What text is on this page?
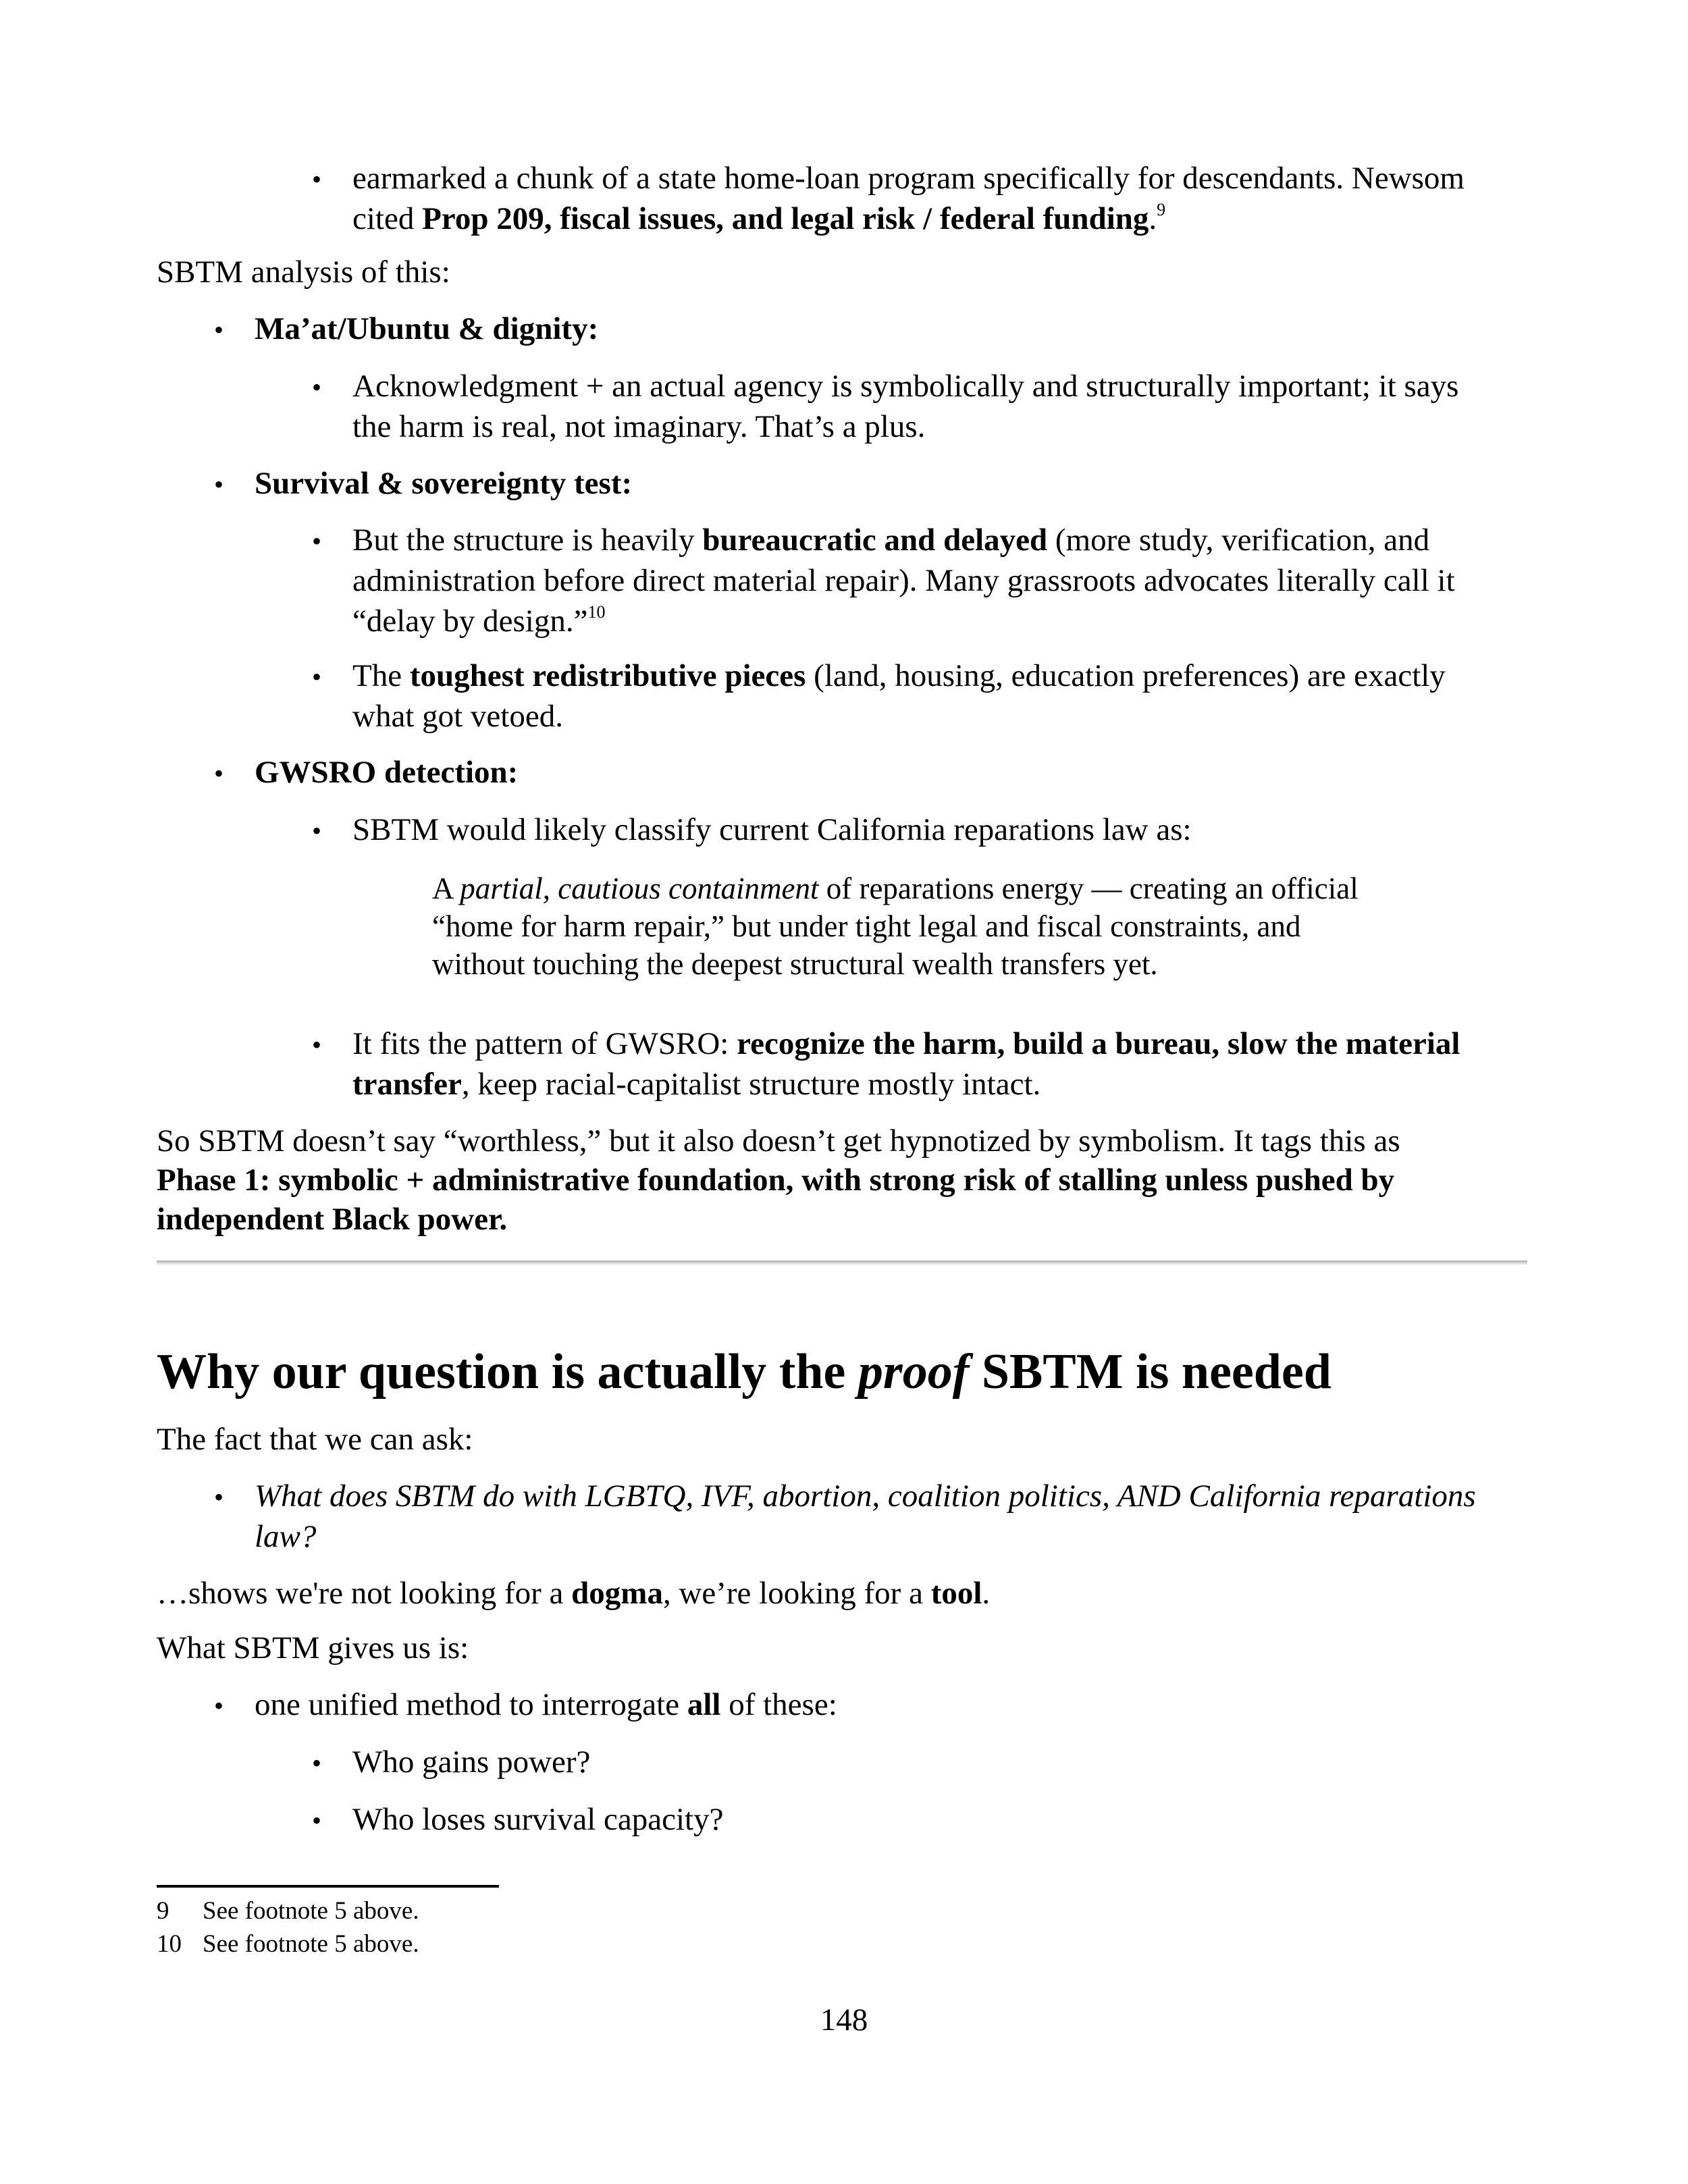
• earmarked a chunk of a state home-loan program specifically for descendants. Newsom
cited Prop 209, fiscal issues, and legal risk / federal funding.$^9$
SBTM analysis of this:
• Ma’at/Ubuntu & dignity:
• Acknowledgment + an actual agency is symbolically and structurally important; it says
the harm is real, not imaginary. That’s a plus.
• Survival & sovereignty test:
• But the structure is heavily bureaucratic and delayed (more study, verification, and
administration before direct material repair). Many grassroots advocates literally call it
“delay by design.”$^{10}$
• The toughest redistributive pieces (land, housing, education preferences) are exactly
what got vetoed.
• GWSRO detection:
• SBTM would likely classify current California reparations law as:
A partial, cautious containment of reparations energy — creating an official
“home for harm repair,” but under tight legal and fiscal constraints, and
without touching the deepest structural wealth transfers yet.
• It fits the pattern of GWSRO: recognize the harm, build a bureau, slow the material
transfer, keep racial-capitalist structure mostly intact.
So SBTM doesn’t say “worthless,” but it also doesn’t get hypnotized by symbolism. It tags this as
Phase 1: symbolic + administrative foundation, with strong risk of stalling unless pushed by
independent Black power.
Why our question is actually the proof SBTM is needed
The fact that we can ask:
• What does SBTM do with LGBTQ, IVF, abortion, coalition politics, AND California reparations
law?
…shows we're not looking for a dogma, we’re looking for a tool.
What SBTM gives us is:
• one unified method to interrogate all of these:
• Who gains power?
• Who loses survival capacity?
9 See footnote 5 above.
10 See footnote 5 above.
148
